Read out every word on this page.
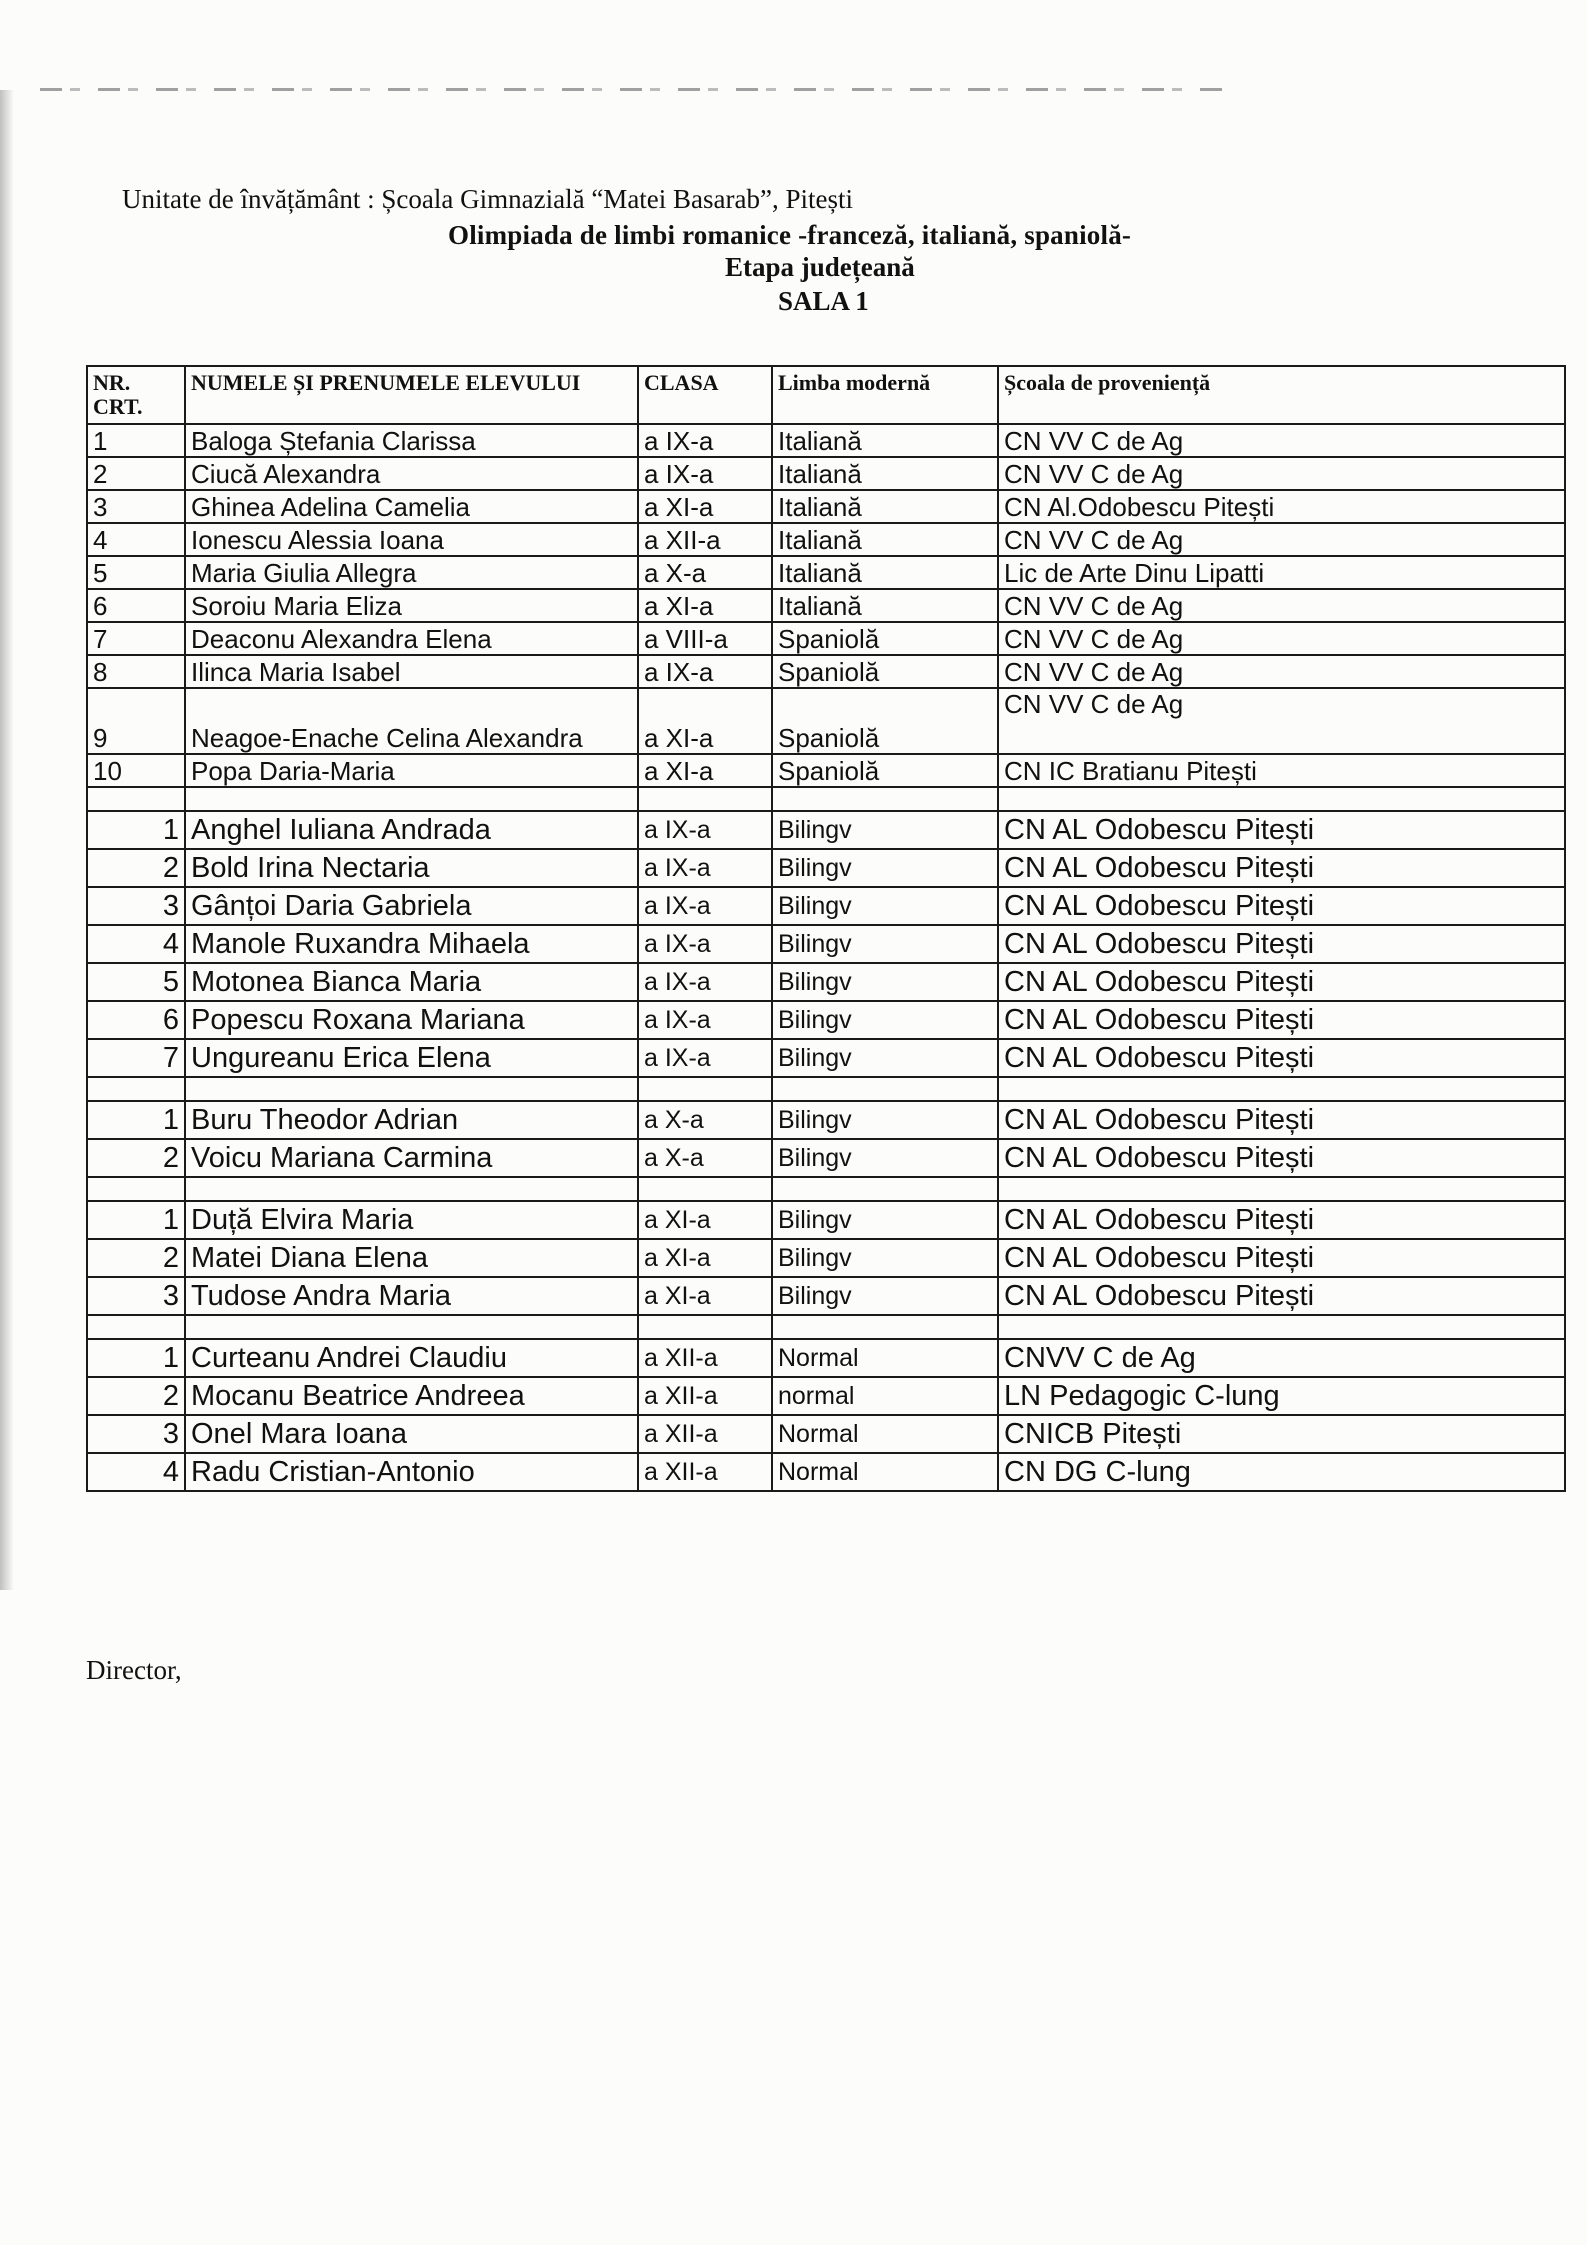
Unitate de învățământ : Școala Gimnazială “Matei Basarab”, Pitești
Olimpiada de limbi romanice -franceză, italiană, spaniolă-
Etapa județeană
SALA 1
NR. CRT.	NUMELE ȘI PRENUMELE ELEVULUI	CLASA	Limba modernă	Școala de proveniență
1	Baloga Ștefania Clarissa	a IX-a	Italiană	CN VV C de Ag
2	Ciucă Alexandra	a IX-a	Italiană	CN VV C de Ag
3	Ghinea Adelina Camelia	a XI-a	Italiană	CN Al.Odobescu Pitești
4	Ionescu Alessia Ioana	a XII-a	Italiană	CN VV C de Ag
5	Maria Giulia Allegra	a X-a	Italiană	Lic de Arte Dinu Lipatti
6	Soroiu Maria Eliza	a XI-a	Italiană	CN VV C de Ag
7	Deaconu Alexandra Elena	a VIII-a	Spaniolă	CN VV C de Ag
8	Ilinca Maria Isabel	a IX-a	Spaniolă	CN VV C de Ag
9	Neagoe-Enache Celina Alexandra	a XI-a	Spaniolă	CN VV C de Ag
10	Popa Daria-Maria	a XI-a	Spaniolă	CN IC Bratianu Pitești

1	Anghel Iuliana Andrada	a IX-a	Bilingv	CN AL Odobescu Pitești
2	Bold Irina Nectaria	a IX-a	Bilingv	CN AL Odobescu Pitești
3	Gânțoi Daria Gabriela	a IX-a	Bilingv	CN AL Odobescu Pitești
4	Manole Ruxandra Mihaela	a IX-a	Bilingv	CN AL Odobescu Pitești
5	Motonea Bianca Maria	a IX-a	Bilingv	CN AL Odobescu Pitești
6	Popescu Roxana Mariana	a IX-a	Bilingv	CN AL Odobescu Pitești
7	Ungureanu Erica Elena	a IX-a	Bilingv	CN AL Odobescu Pitești

1	Buru Theodor Adrian	a X-a	Bilingv	CN AL Odobescu Pitești
2	Voicu Mariana Carmina	a X-a	Bilingv	CN AL Odobescu Pitești

1	Duță Elvira Maria	a XI-a	Bilingv	CN AL Odobescu Pitești
2	Matei Diana Elena	a XI-a	Bilingv	CN AL Odobescu Pitești
3	Tudose Andra Maria	a XI-a	Bilingv	CN AL Odobescu Pitești

1	Curteanu Andrei Claudiu	a XII-a	Normal	CNVV C de Ag
2	Mocanu Beatrice Andreea	a XII-a	normal	LN Pedagogic C-lung
3	Onel Mara Ioana	a XII-a	Normal	CNICB Pitești
4	Radu Cristian-Antonio	a XII-a	Normal	CN DG C-lung
Director,
